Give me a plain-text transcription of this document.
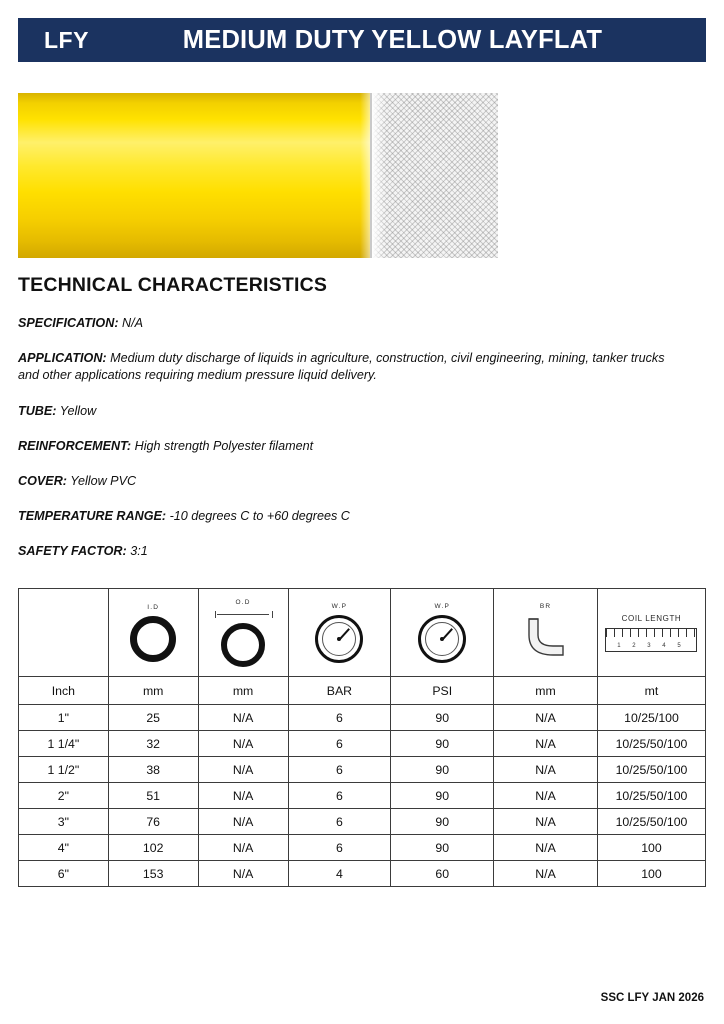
LFY	MEDIUM DUTY YELLOW LAYFLAT
TECHNICAL CHARACTERISTICS
SPECIFICATION: N/A
APPLICATION: Medium duty discharge of liquids in agriculture, construction, civil engineering, mining, tanker trucks and other applications requiring medium pressure liquid delivery.
TUBE: Yellow
REINFORCEMENT: High strength Polyester filament
COVER: Yellow PVC
TEMPERATURE RANGE: -10 degrees C to +60 degrees C
SAFETY FACTOR: 3:1

	I.D	O.D	W.P	W.P	BR	COIL LENGTH
1 2 3 4 5

Inch	mm	mm	BAR	PSI	mm	mt
1"	25	N/A	6	90	N/A	10/25/100
1 1/4"	32	N/A	6	90	N/A	10/25/50/100
1 1/2"	38	N/A	6	90	N/A	10/25/50/100
2"	51	N/A	6	90	N/A	10/25/50/100
3"	76	N/A	6	90	N/A	10/25/50/100
4"	102	N/A	6	90	N/A	100
6"	153	N/A	4	60	N/A	100
SSC LFY JAN 2026
